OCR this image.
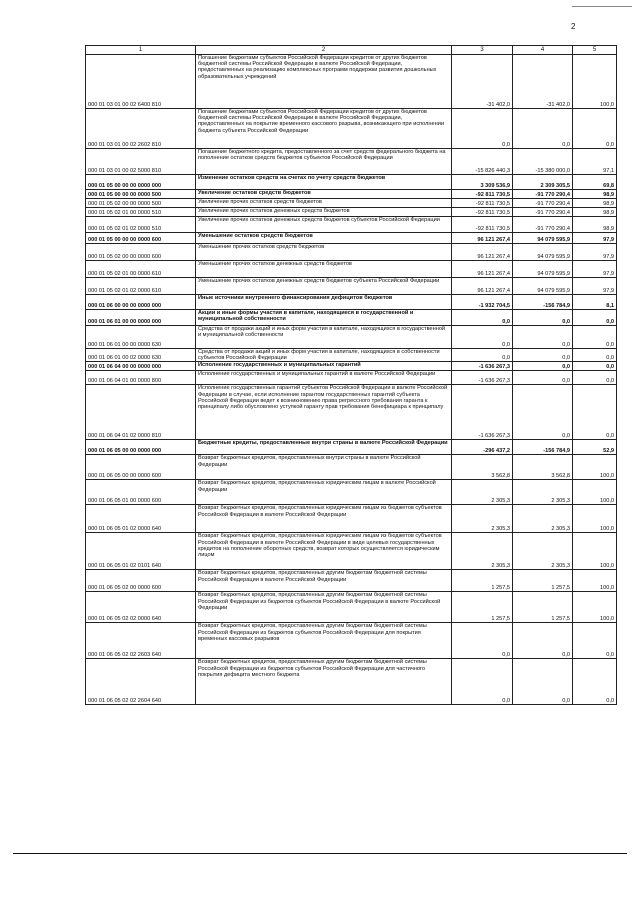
2
1	2	3	4	5
000 01 03 01 00 02 6400 810	Погашение бюджетами субъектов Российской Федерации кредитов от других бюджетов бюджетной системы Российской Федерации в валюте Российской Федерации, предоставленных на реализацию комплексных программ поддержки развития дошкольных образовательных учреждений	-31 402,0	-31 402,0	100,0
000 01 03 01 00 02 2602 810	Погашение бюджетами субъектов Российской Федерации кредитов от других бюджетов бюджетной системы Российской Федерации в валюте Российской Федерации, предоставленных на покрытие временного кассового разрыва, возникающего при исполнении бюджета субъекта Российской Федерации	0,0	0,0	0,0
000 01 03 01 00 02 5000 810	Погашение бюджетного кредита, предоставленного за счет средств федерального бюджета на пополнение остатков средств бюджетов субъектов Российской Федерации	-15 826 440,3	-15 380 000,0	97,1
000 01 05 00 00 00 0000 000	Изменение остатков средств на счетах по учету средств бюджетов	3 309 536,9	2 309 305,5	69,8
000 01 05 00 00 00 0000 500	Увеличение остатков средств бюджетов	-92 811 730,5	-91 770 290,4	98,9
000 01 05 02 00 00 0000 500	Увеличение прочих остатков средств бюджетов	-92 811 730,5	-91 770 290,4	98,9
000 01 05 02 01 00 0000 510	Увеличение прочих остатков денежных средств бюджетов	-92 811 730,5	-91 770 290,4	98,9
000 01 05 02 01 02 0000 510	Увеличение прочих остатков денежных средств бюджетов субъектов Российской Федерации	-92 811 730,5	-91 770 290,4	98,9
000 01 05 00 00 00 0000 600	Уменьшение остатков средств бюджетов	96 121 267,4	94 079 595,9	97,9
000 01 05 02 00 00 0000 600	Уменьшение прочих остатков средств бюджетов	96 121 267,4	94 079 595,9	97,9
000 01 05 02 01 00 0000 610	Уменьшение прочих остатков денежных средств бюджетов	96 121 267,4	94 079 595,9	97,9
000 01 05 02 01 02 0000 610	Уменьшение прочих остатков денежных средств бюджетов субъекта Российской Федерации	96 121 267,4	94 079 595,9	97,9
000 01 06 00 00 00 0000 000	Иные источники внутреннего финансирования дефицитов бюджетов	-1 932 704,5	-156 784,9	8,1
000 01 06 01 00 00 0000 000	Акции и иные формы участия в капитале, находящиеся в государственной и муниципальной собственности	0,0	0,0	0,0
000 01 06 01 00 00 0000 630	Средства от продажи акций и иных форм участия в капитале, находящихся в государственной и муниципальной собственности	0,0	0,0	0,0
000 01 06 01 00 02 0000 630	Средства от продажи акций и иных форм участия в капитале, находящихся в собственности субъектов Российской Федерации	0,0	0,0	0,0
000 01 06 04 00 00 0000 000	Исполнение государственных и муниципальных гарантий	-1 636 267,3	0,0	0,0
000 01 06 04 01 00 0000 800	Исполнение государственных и муниципальных гарантий в валюте Российской Федерации	-1 636 267,3	0,0	0,0
000 01 06 04 01 02 0000 810	Исполнение государственных гарантий субъектов Российской Федерации в валюте Российской Федерации в случае, если исполнение гарантом государственных гарантий субъекта Российской Федерации ведет к возникновению права регрессного требования гаранта к принципалу либо обусловлено уступкой гаранту прав требования бенефициара к принципалу	-1 636 267,3	0,0	0,0
000 01 06 05 00 00 0000 000	Бюджетные кредиты, предоставленные внутри страны в валюте Российской Федерации	-296 437,2	-156 784,9	52,9
000 01 06 05 00 00 0000 600	Возврат бюджетных кредитов, предоставленных внутри страны в валюте Российской Федерации	3 562,8	3 562,8	100,0
000 01 06 05 01 00 0000 600	Возврат бюджетных кредитов, предоставленных юридическим лицам в валюте Российской Федерации	2 305,3	2 305,3	100,0
000 01 06 05 01 02 0000 640	Возврат бюджетных кредитов, предоставленных юридическим лицам из бюджетов субъектов Российской Федерации в валюте Российской Федерации	2 305,3	2 305,3	100,0
000 01 06 05 01 02 0101 640	Возврат бюджетных кредитов, предоставленных юридическим лицам из бюджетов субъектов Российской Федерации в валюте Российской Федерации в виде целевых государственных кредитов на пополнение оборотных средств, возврат которых осуществляется юридическим лицом	2 305,3	2 305,3	100,0
000 01 06 05 02 00 0000 600	Возврат бюджетных кредитов, предоставленных другим бюджетам бюджетной системы Российской Федерации в валюте Российской Федерации	1 257,5	1 257,5	100,0
000 01 06 05 02 02 0000 640	Возврат бюджетных кредитов, предоставленных другим бюджетам бюджетной системы Российской Федерации из бюджетов субъектов Российской Федерации в валюте Российской Федерации	1 257,5	1 257,5	100,0
000 01 06 05 02 02 2603 640	Возврат бюджетных кредитов, предоставленных другим бюджетам бюджетной системы Российской Федерации из бюджетов субъектов Российской Федерации для покрытия временных кассовых разрывов	0,0	0,0	0,0
000 01 06 05 02 02 2604 640	Возврат бюджетных кредитов, предоставленных другим бюджетам бюджетной системы Российской Федерации из бюджетов субъектов Российской Федерации для частичного покрытия дефицита местного бюджета	0,0	0,0	0,0
